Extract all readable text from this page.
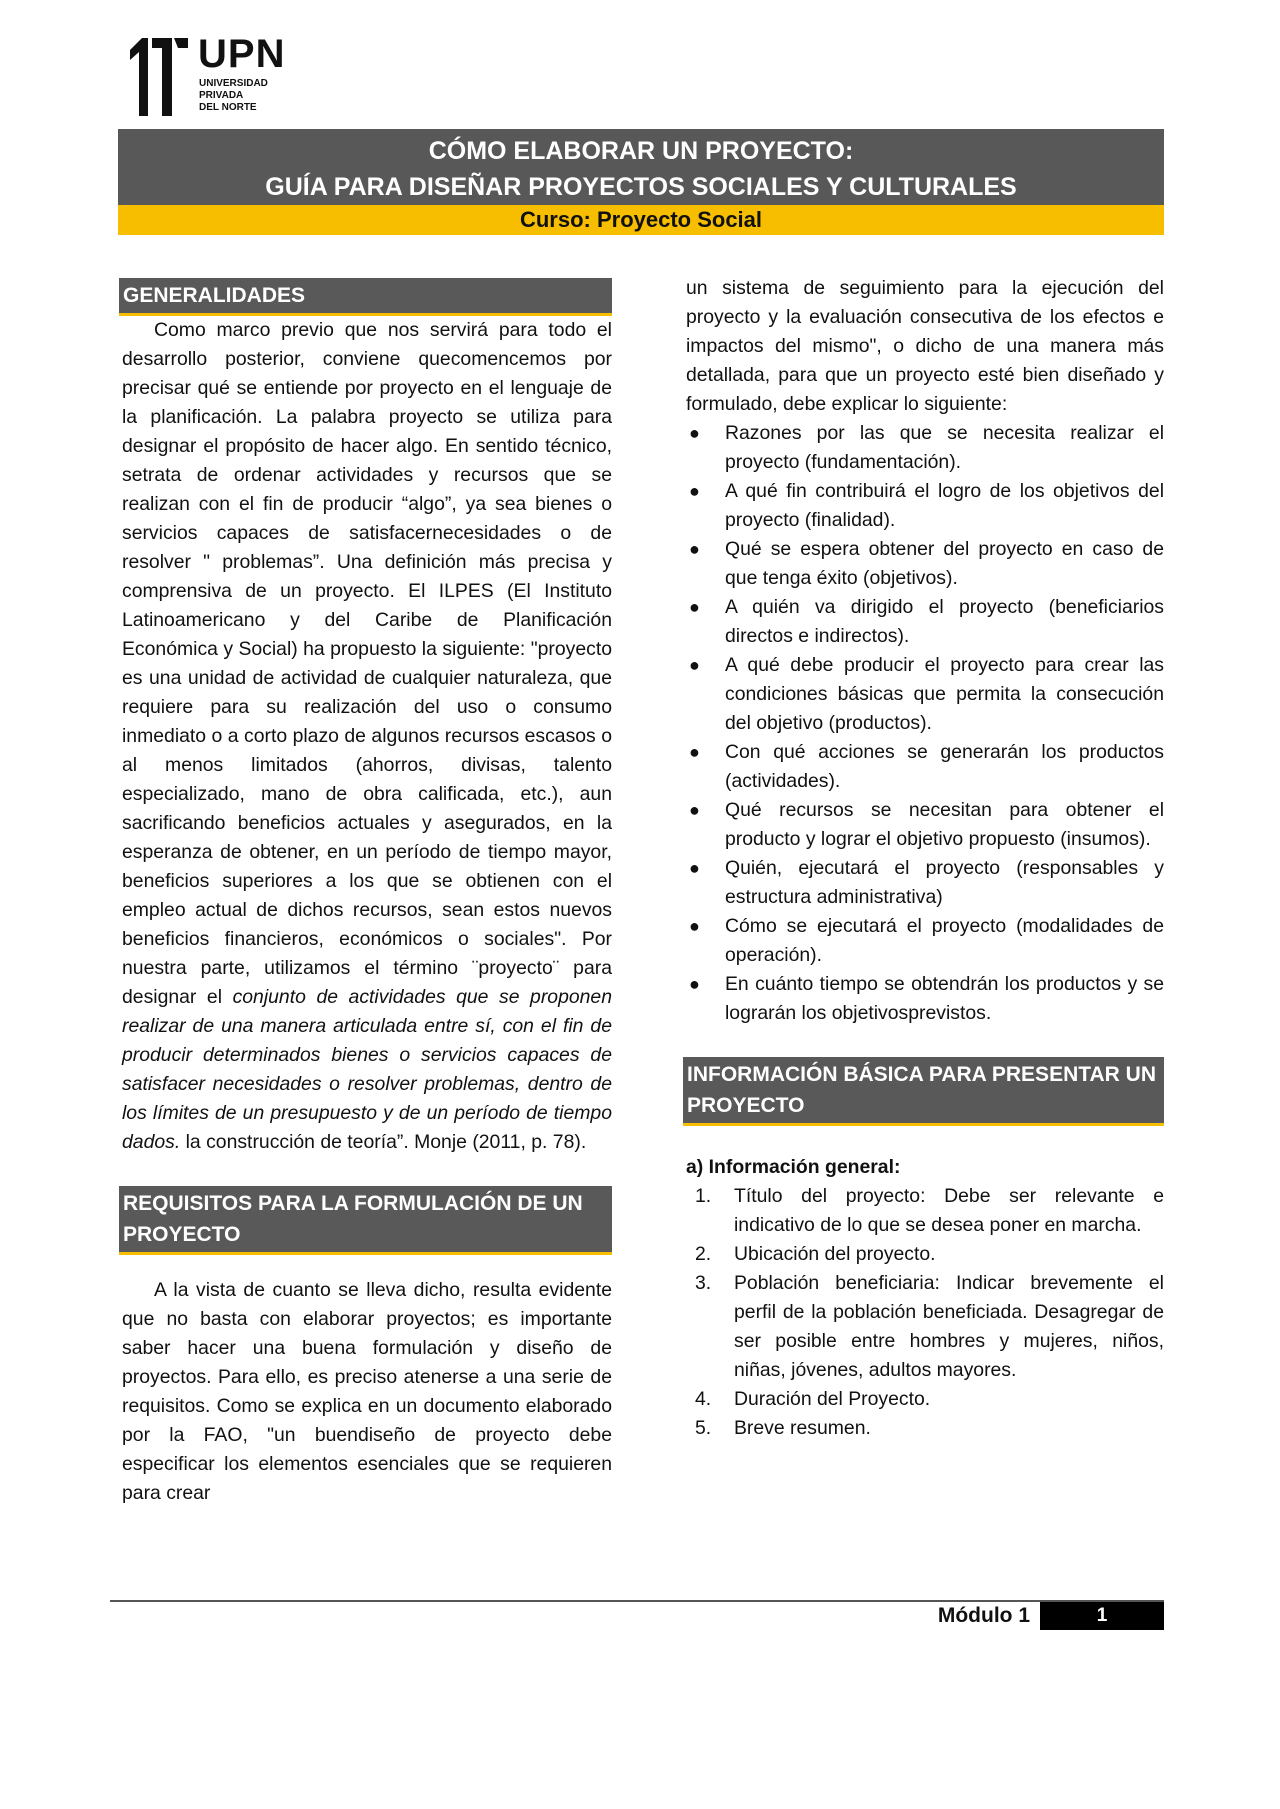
UPN
UNIVERSIDAD
PRIVADA
DEL NORTE
CÓMO ELABORAR UN PROYECTO:
GUÍA PARA DISEÑAR PROYECTOS SOCIALES Y CULTURALES
Curso: Proyecto Social
GENERALIDADES

Como marco previo que nos servirá para todo el desarrollo posterior, conviene quecomencemos por precisar qué se entiende por proyecto en el lenguaje de la planificación. La palabra proyecto se utiliza para designar el propósito de hacer algo. En sentido técnico, setrata de ordenar actividades y recursos que se realizan con el fin de producir “algo”, ya sea bienes o servicios capaces de satisfacernecesidades o de resolver " problemas”. Una definición más precisa y comprensiva de un proyecto. El ILPES (El Instituto Latinoamericano y del Caribe de Planificación Económica y Social) ha propuesto la siguiente: "proyecto es una unidad de actividad de cualquier naturaleza, que requiere para su realización del uso o consumo inmediato o a corto plazo de algunos recursos escasos o al menos limitados (ahorros, divisas, talento especializado, mano de obra calificada, etc.), aun sacrificando beneficios actuales y asegurados, en la esperanza de obtener, en un período de tiempo mayor, beneficios superiores a los que se obtienen con el empleo actual de dichos recursos, sean estos nuevos beneficios financieros, económicos o sociales". Por nuestra parte, utilizamos el término ¨proyecto¨ para designar el conjunto de actividades que se proponen realizar de una manera articulada entre sí, con el fin de producir determinados bienes o servicios capaces de satisfacer necesidades o resolver problemas, dentro de los límites de un presupuesto y de un período de tiempo dados. la construcción de teoría”. Monje (2011, p. 78).

REQUISITOS PARA LA FORMULACIÓN DE UN PROYECTO

A la vista de cuanto se lleva dicho, resulta evidente que no basta con elaborar proyectos; es importante saber hacer una buena formulación y diseño de proyectos. Para ello, es preciso atenerse a una serie de requisitos. Como se explica en un documento elaborado por la FAO, "un buendiseño de proyecto debe especificar los elementos esenciales que se requieren para crear

un sistema de seguimiento para la ejecución del proyecto y la evaluación consecutiva de los efectos e impactos del mismo", o dicho de una manera más detallada, para que un proyecto esté bien diseñado y formulado, debe explicar lo siguiente:

● Razones por las que se necesita realizar el proyecto (fundamentación).
● A qué fin contribuirá el logro de los objetivos del proyecto (finalidad).
● Qué se espera obtener del proyecto en caso de que tenga éxito (objetivos).
● A quién va dirigido el proyecto (beneficiarios directos e indirectos).
● A qué debe producir el proyecto para crear las condiciones básicas que permita la consecución del objetivo (productos).
● Con qué acciones se generarán los productos (actividades).
● Qué recursos se necesitan para obtener el producto y lograr el objetivo propuesto (insumos).
● Quién, ejecutará el proyecto (responsables y estructura administrativa)
● Cómo se ejecutará el proyecto (modalidades de operación).
● En cuánto tiempo se obtendrán los productos y se lograrán los objetivosprevistos.
INFORMACIÓN BÁSICA PARA PRESENTAR UN PROYECTO
a) Información general:
1. Título del proyecto: Debe ser relevante e indicativo de lo que se desea poner en marcha.
2. Ubicación del proyecto.
3. Población beneficiaria: Indicar brevemente el perfil de la población beneficiada. Desagregar de ser posible entre hombres y mujeres, niños, niñas, jóvenes, adultos mayores.
4. Duración del Proyecto.
5. Breve resumen.
Módulo 1	1
